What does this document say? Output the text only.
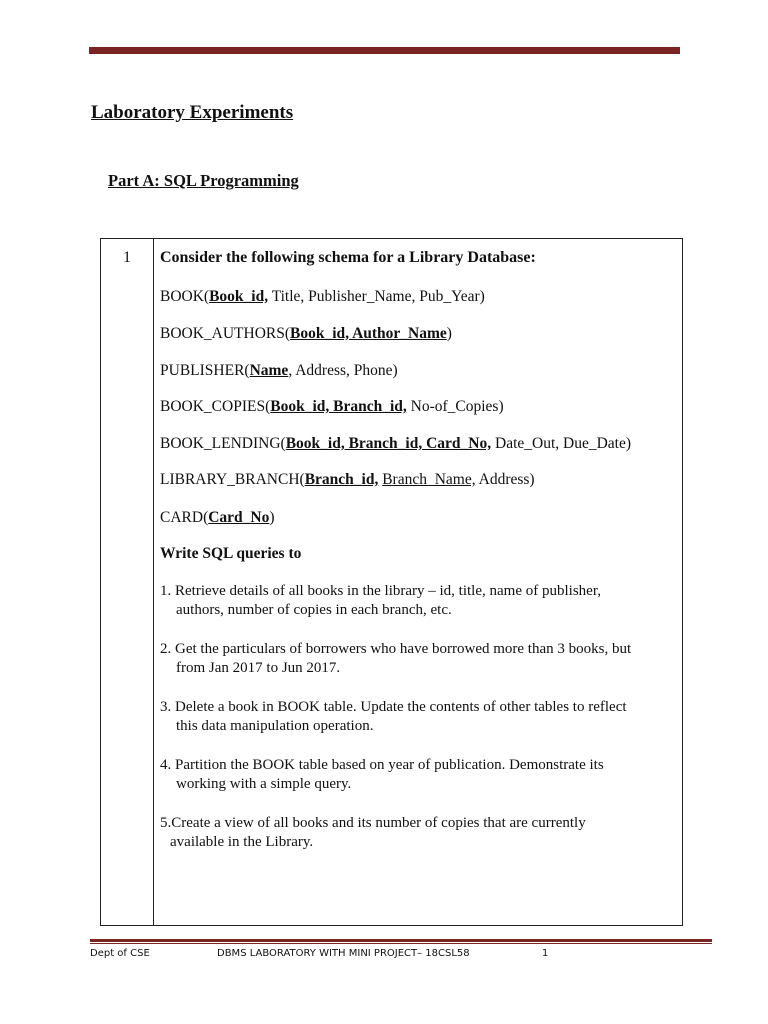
Laboratory Experiments
Part A: SQL Programming
1	Consider the following schema for a Library Database:
BOOK(Book_id, Title, Publisher_Name, Pub_Year)
BOOK_AUTHORS(Book_id, Author_Name)
PUBLISHER(Name, Address, Phone)
BOOK_COPIES(Book_id, Branch_id, No-of_Copies)
BOOK_LENDING(Book_id, Branch_id, Card_No, Date_Out, Due_Date)
LIBRARY_BRANCH(Branch_id, Branch_Name, Address)
CARD(Card_No)
Write SQL queries to
1. Retrieve details of all books in the library – id, title, name of publisher,
authors, number of copies in each branch, etc.
2. Get the particulars of borrowers who have borrowed more than 3 books, but
from Jan 2017 to Jun 2017.
3. Delete a book in BOOK table. Update the contents of other tables to reflect
this data manipulation operation.
4. Partition the BOOK table based on year of publication. Demonstrate its
working with a simple query.
5.Create a view of all books and its number of copies that are currently
available in the Library.
Dept of CSE	DBMS LABORATORY WITH MINI PROJECT– 18CSL58	1
